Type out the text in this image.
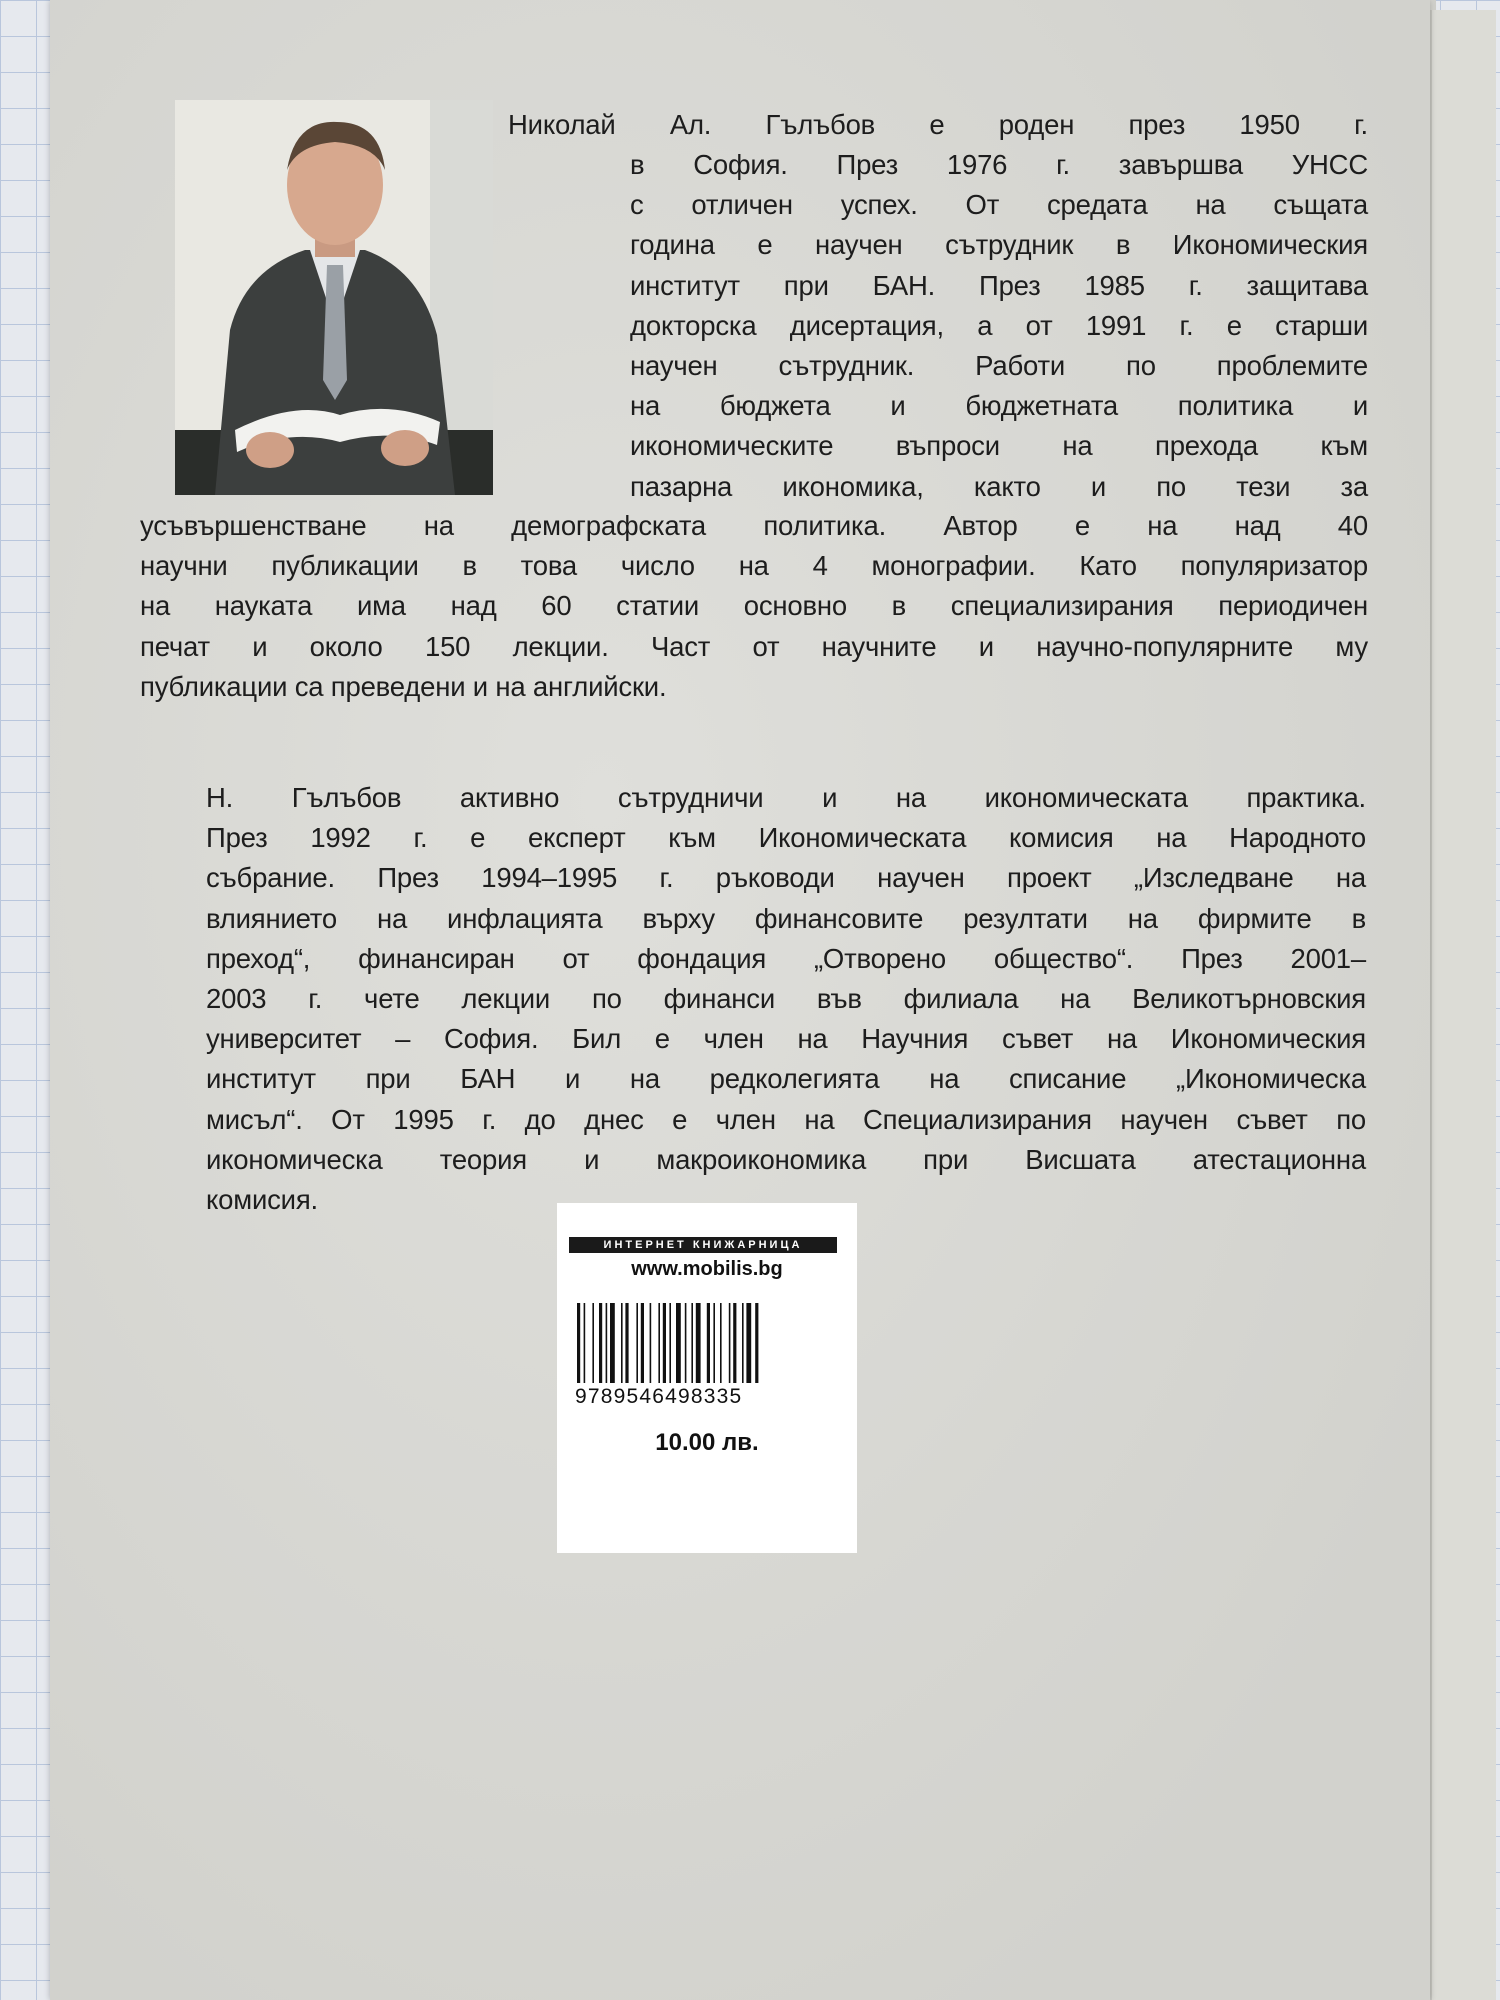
Николай Ал. Гълъбов е роден през 1950 г.
в София. През 1976 г. завършва УНСС
с отличен успех. От средата на същата
година е научен сътрудник в Икономическия
институт при БАН. През 1985 г. защитава
докторска дисертация, а от 1991 г. е старши
научен сътрудник. Работи по проблемите
на бюджета и бюджетната политика и
икономическите въпроси на прехода към
пазарна икономика, както и по тези за
усъвършенстване на демографската политика. Автор е на над 40
научни публикации в това число на 4 монографии. Като популяризатор
на науката има над 60 статии основно в специализирания периодичен
печат и около 150 лекции. Част от научните и научно-популярните му
публикации са преведени и на английски.
Н. Гълъбов активно сътрудничи и на икономическата практика.
През 1992 г. е експерт към Икономическата комисия на Народното
събрание. През 1994–1995 г. ръководи научен проект „Изследване на
влиянието на инфлацията върху финансовите резултати на фирмите в
преход“, финансиран от фондация „Отворено общество“. През 2001–
2003 г. чете лекции по финанси във филиала на Великотърновския
университет – София. Бил е член на Научния съвет на Икономическия
институт при БАН и на редколегията на списание „Икономическа
мисъл“. От 1995 г. до днес е член на Специализирания научен съвет по
икономическа теория и макроикономика при Висшата атестационна
комисия.
ИНТЕРНЕТ КНИЖАРНИЦА
www.mobilis.bg
9789546498335
10.00 лв.
